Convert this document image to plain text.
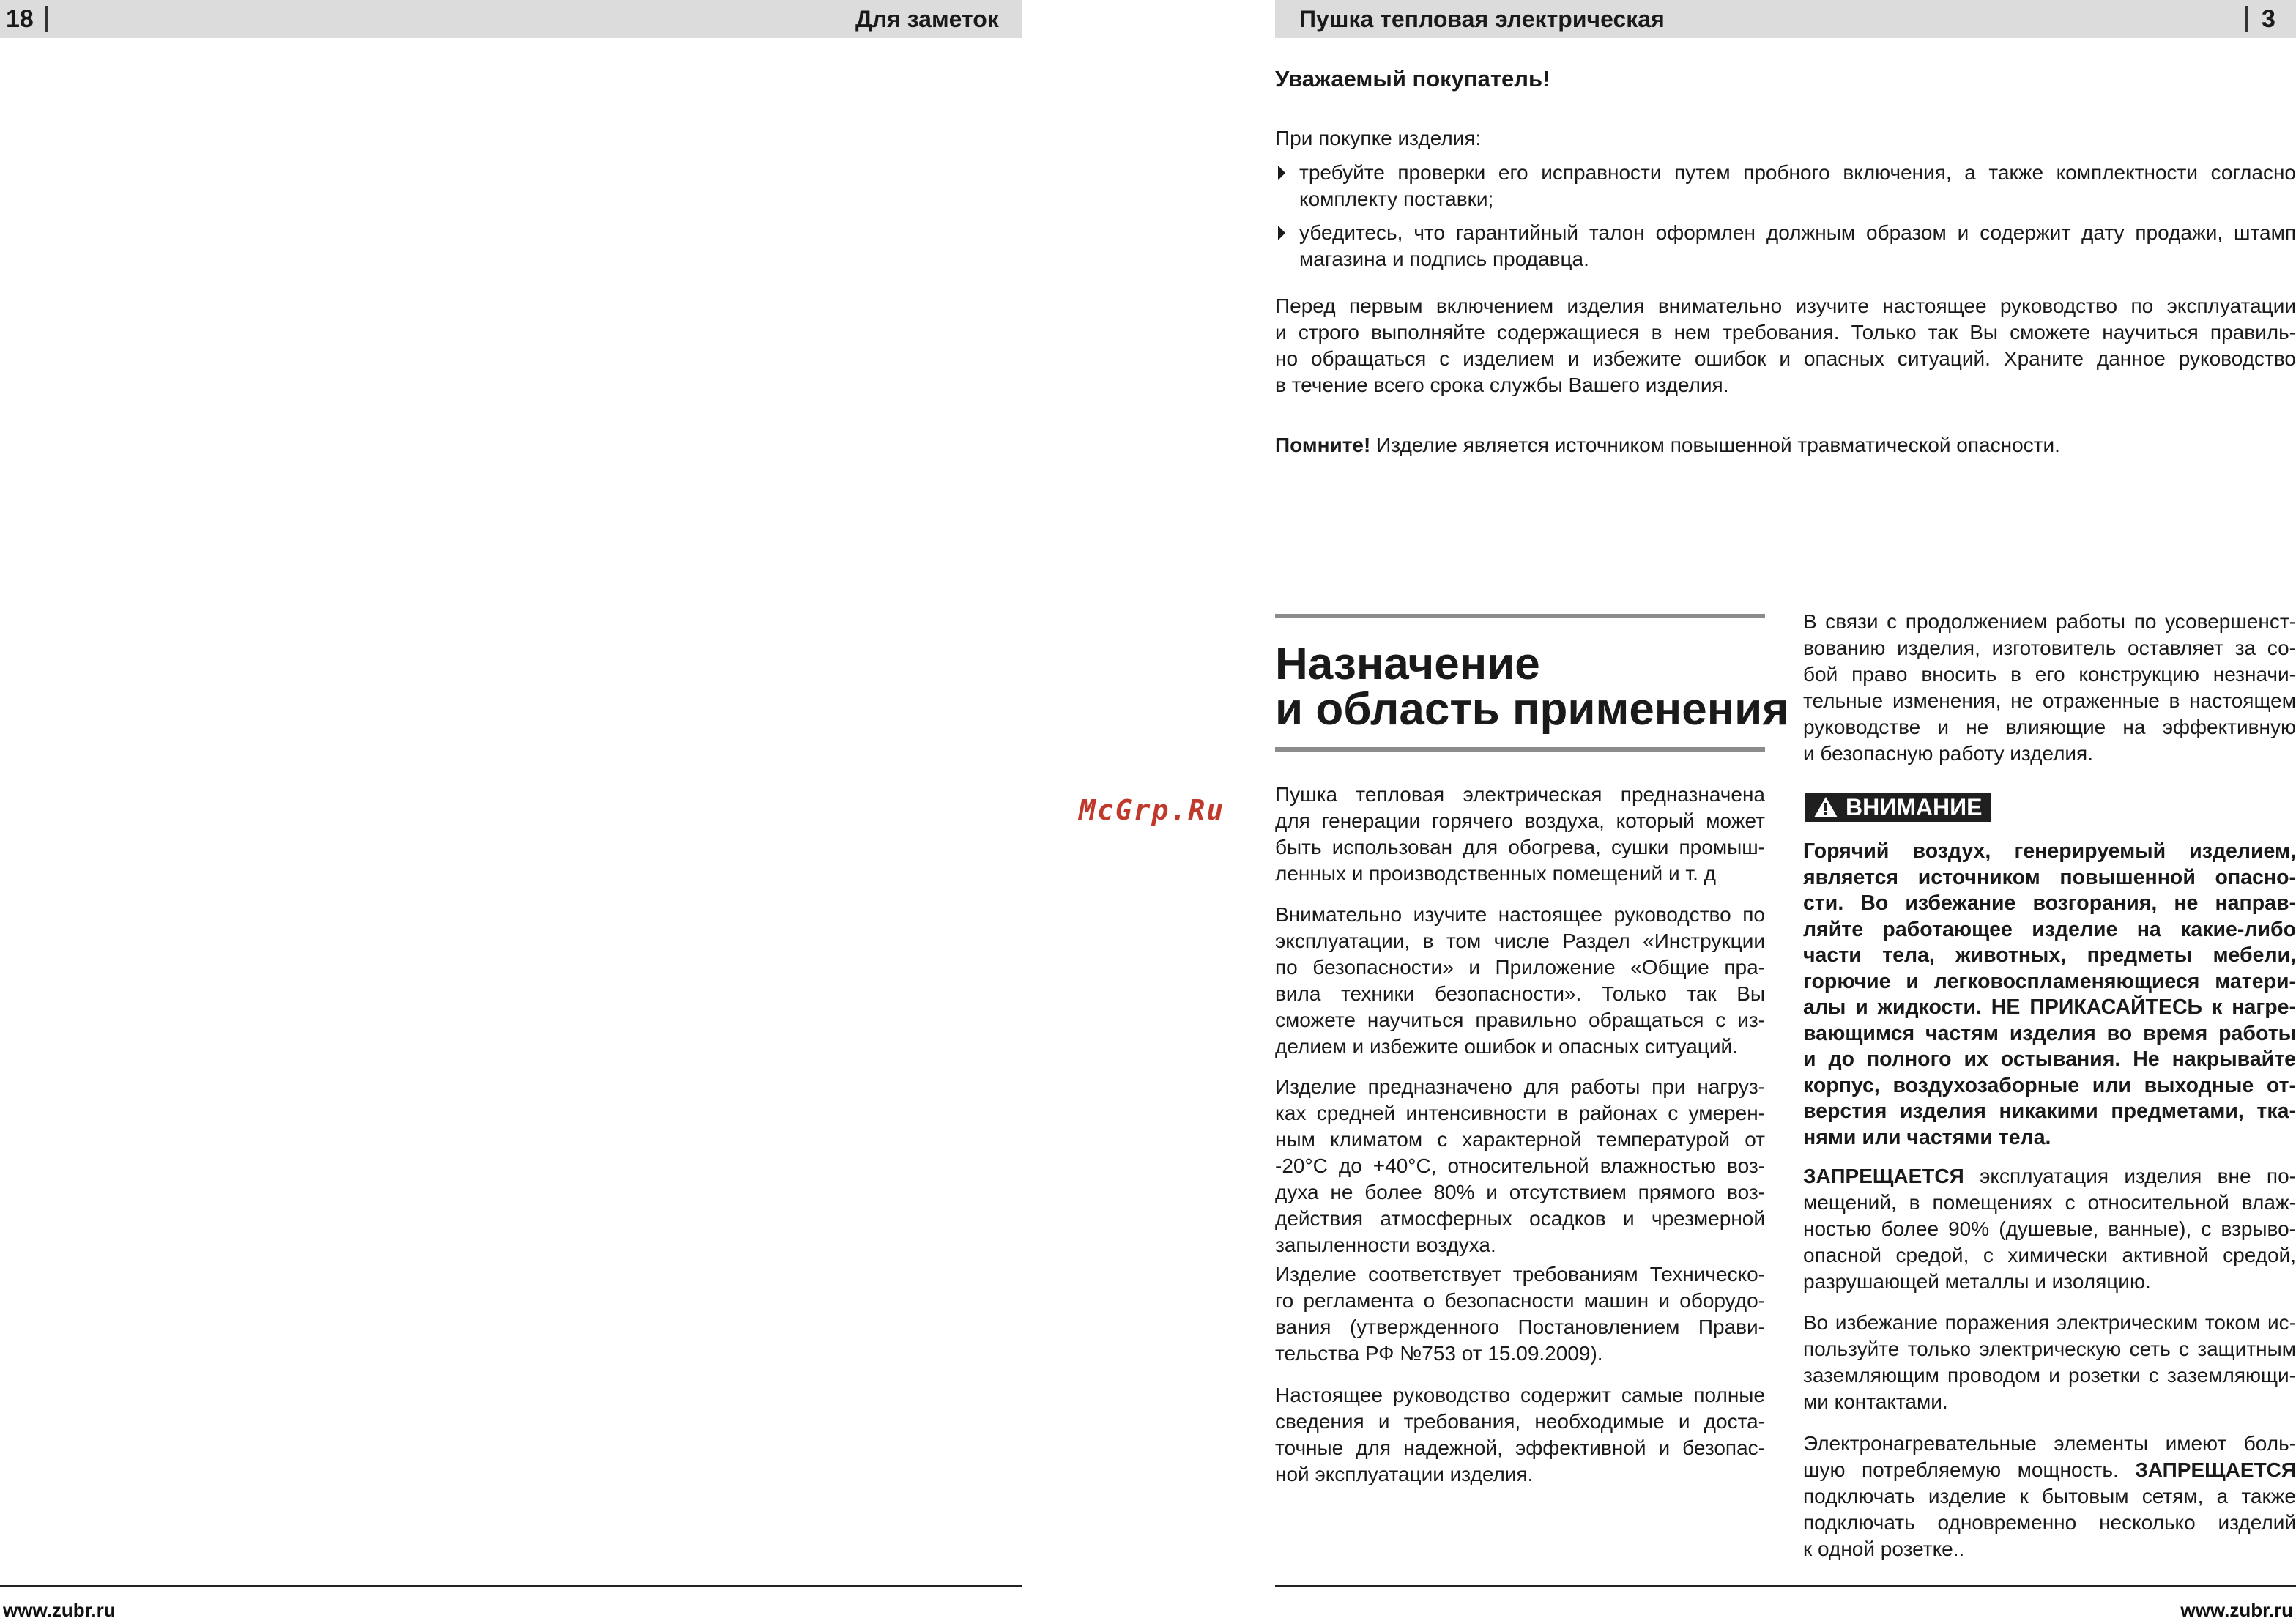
18	Для заметок
www.zubr.ru
McGrp.Ru
Пушка тепловая электрическая	3
Уважаемый покупатель!
При покупке изделия:
требуйте проверки его исправности путем пробного включения, а также комплектности согласно
комплекту поставки;
убедитесь, что гарантийный талон оформлен должным образом и содержит дату продажи, штамп
магазина и подпись продавца.
Перед первым включением изделия внимательно изучите настоящее руководство по эксплуатации
и строго выполняйте содержащиеся в нем требования. Только так Вы сможете научиться правиль-
но обращаться с изделием и избежите ошибок и опасных ситуаций. Храните данное руководство
в течение всего срока службы Вашего изделия.
Помните! Изделие является источником повышенной травматической опасности.
Назначение
и область применения
Пушка тепловая электрическая предназначена
для генерации горячего воздуха, который может
быть использован для обогрева, сушки промыш-
ленных и производственных помещений и т. д
Внимательно изучите настоящее руководство по
эксплуатации, в том числе Раздел «Инструкции
по безопасности» и Приложение «Общие пра-
вила техники безопасности». Только так Вы
сможете научиться правильно обращаться с из-
делием и избежите ошибок и опасных ситуаций.
Изделие предназначено для работы при нагруз-
ках средней интенсивности в районах с умерен-
ным климатом с характерной температурой от
-20°С до +40°С, относительной влажностью воз-
духа не более 80% и отсутствием прямого воз-
действия атмосферных осадков и чрезмерной
запыленности воздуха.
Изделие соответствует требованиям Техническо-
го регламента о безопасности машин и оборудо-
вания (утвержденного Постановлением Прави-
тельства РФ №753 от 15.09.2009).
Настоящее руководство содержит самые полные
сведения и требования, необходимые и доста-
точные для надежной, эффективной и безопас-
ной эксплуатации изделия.
В связи с продолжением работы по усовершенст-
вованию изделия, изготовитель оставляет за со-
бой право вносить в его конструкцию незначи-
тельные изменения, не отраженные в настоящем
руководстве и не влияющие на эффективную
и безопасную работу изделия.
ВНИМАНИЕ
Горячий воздух, генерируемый изделием,
является источником повышенной опасно-
сти. Во избежание возгорания, не направ-
ляйте работающее изделие на какие-либо
части тела, животных, предметы мебели,
горючие и легковоспламеняющиеся матери-
алы и жидкости. НЕ ПРИКАСАЙТЕСЬ к нагре-
вающимся частям изделия во время работы
и до полного их остывания. Не накрывайте
корпус, воздухозаборные или выходные от-
верстия изделия никакими предметами, тка-
нями или частями тела.
ЗАПРЕЩАЕТСЯ эксплуатация изделия вне по-
мещений, в помещениях с относительной влаж-
ностью более 90% (душевые, ванные), с взрыво-
опасной средой, с химически активной средой,
разрушающей металлы и изоляцию.
Во избежание поражения электрическим током ис-
пользуйте только электрическую сеть с защитным
заземляющим проводом и розетки с заземляющи-
ми контактами.
Электронагревательные элементы имеют боль-
шую потребляемую мощность. ЗАПРЕЩАЕТСЯ
подключать изделие к бытовым сетям, а также
подключать одновременно несколько изделий
к одной розетке..
www.zubr.ru
